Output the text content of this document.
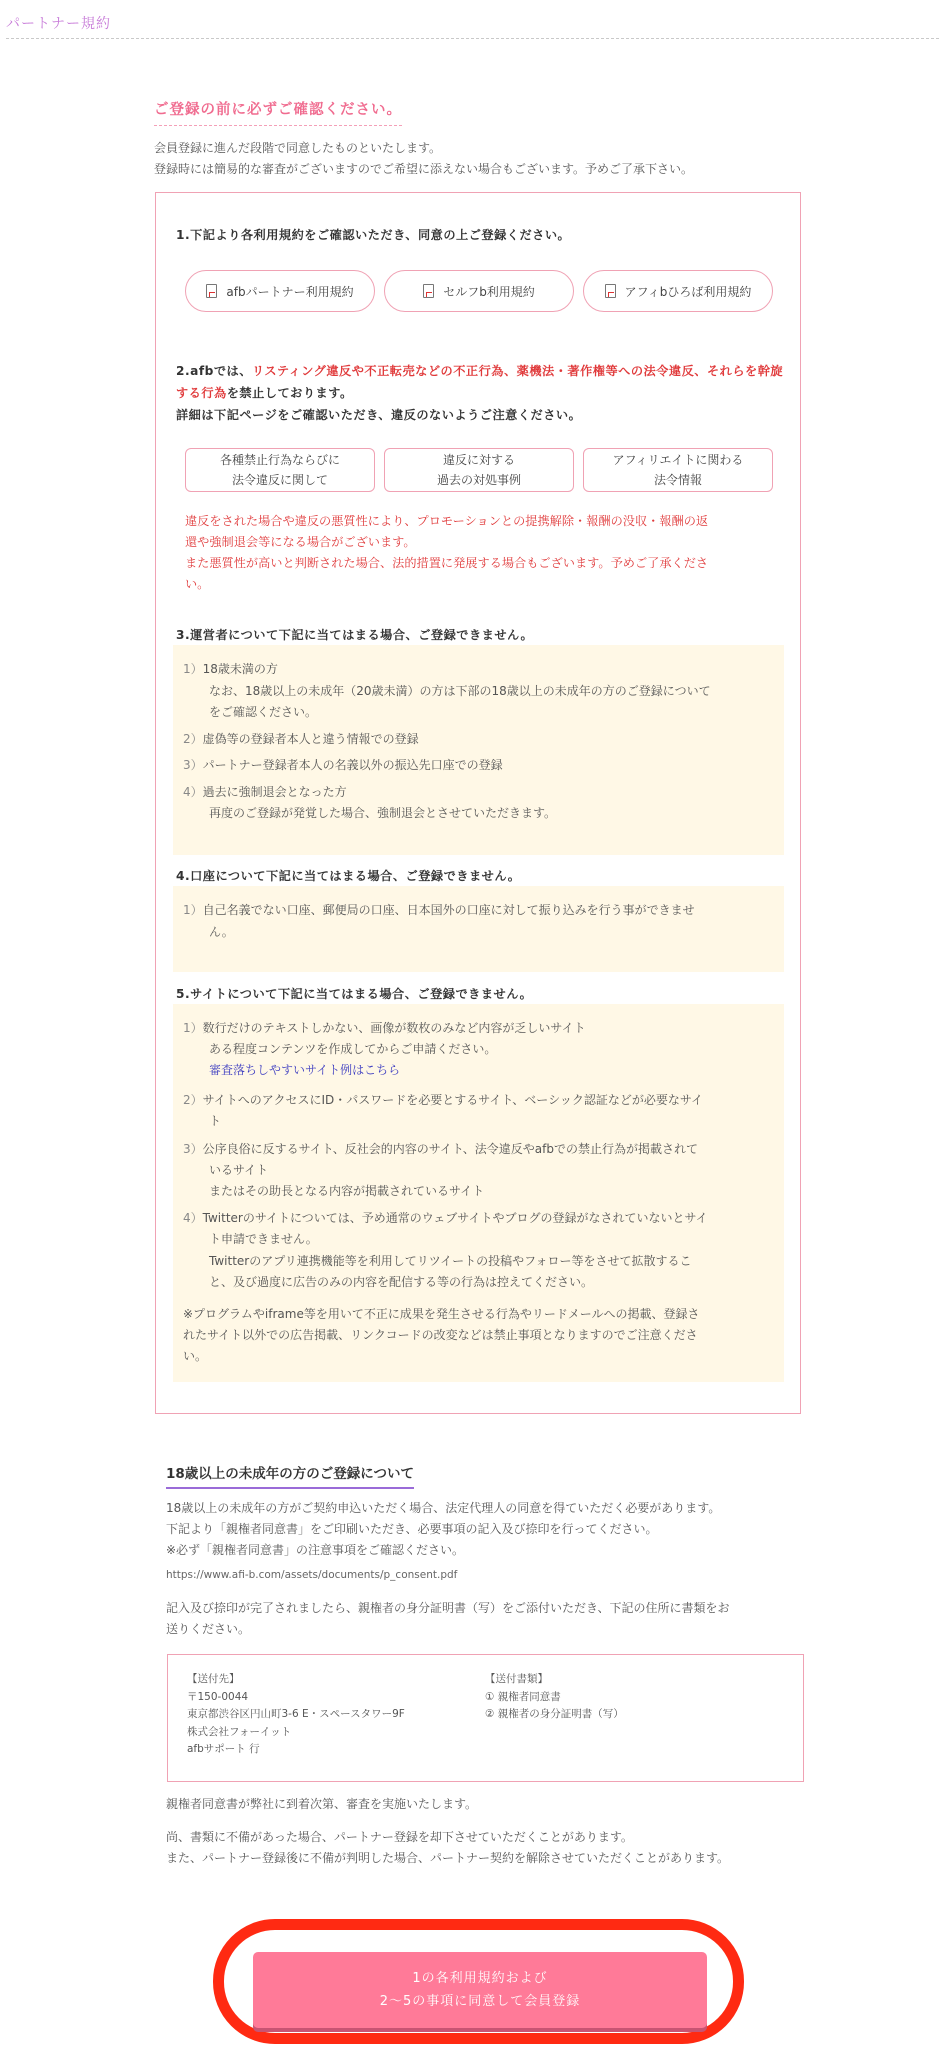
パートナー規約
ご登録の前に必ずご確認ください。
会員登録に進んだ段階で同意したものといたします。
登録時には簡易的な審査がございますのでご希望に添えない場合もございます。予めご了承下さい。
1.下記より各利用規約をご確認いただき、同意の上ご登録ください。
afbパートナー利用規約	セルフb利用規約	アフィbひろば利用規約
2.afbでは、リスティング違反や不正転売などの不正行為、薬機法・著作権等への法令違反、それらを幹旋する行為を禁止しております。
詳細は下記ページをご確認いただき、違反のないようご注意ください。
各種禁止行為ならびに
法令違反に関して
違反に対する
過去の対処事例
アフィリエイトに関わる
法令情報
違反をされた場合や違反の悪質性により、プロモーションとの提携解除・報酬の没収・報酬の返
還や強制退会等になる場合がございます。
また悪質性が高いと判断された場合、法的措置に発展する場合もございます。予めご了承くださ
い。
3.運営者について下記に当てはまる場合、ご登録できません。
1）18歳未満の方
なお、18歳以上の未成年（20歳未満）の方は下部の18歳以上の未成年の方のご登録について
をご確認ください。
2）虚偽等の登録者本人と違う情報での登録
3）パートナー登録者本人の名義以外の振込先口座での登録
4）過去に強制退会となった方
再度のご登録が発覚した場合、強制退会とさせていただきます。
4.口座について下記に当てはまる場合、ご登録できません。
1）自己名義でない口座、郵便局の口座、日本国外の口座に対して振り込みを行う事ができませ
ん。
5.サイトについて下記に当てはまる場合、ご登録できません。
1）数行だけのテキストしかない、画像が数枚のみなど内容が乏しいサイト
ある程度コンテンツを作成してからご申請ください。
審査落ちしやすいサイト例はこちら
2）サイトへのアクセスにID・パスワードを必要とするサイト、ベーシック認証などが必要なサイ
ト
3）公序良俗に反するサイト、反社会的内容のサイト、法令違反やafbでの禁止行為が掲載されて
いるサイト
またはその助長となる内容が掲載されているサイト
4）Twitterのサイトについては、予め通常のウェブサイトやブログの登録がなされていないとサイ
ト申請できません。
Twitterのアプリ連携機能等を利用してリツイートの投稿やフォロー等をさせて拡散するこ
と、及び過度に広告のみの内容を配信する等の行為は控えてください。
※プログラムやiframe等を用いて不正に成果を発生させる行為やリードメールへの掲載、登録さ
れたサイト以外での広告掲載、リンクコードの改変などは禁止事項となりますのでご注意くださ
い。
18歳以上の未成年の方のご登録について
18歳以上の未成年の方がご契約申込いただく場合、法定代理人の同意を得ていただく必要があります。
下記より「親権者同意書」をご印刷いただき、必要事項の記入及び捺印を行ってください。
※必ず「親権者同意書」の注意事項をご確認ください。
https://www.afi-b.com/assets/documents/p_consent.pdf
記入及び捺印が完了されましたら、親権者の身分証明書（写）をご添付いただき、下記の住所に書類をお
送りください。
【送付先】
〒150-0044
東京都渋谷区円山町3-6 E・スペースタワー9F
株式会社フォーイット
afbサポート 行
【送付書類】
① 親権者同意書
② 親権者の身分証明書（写）
親権者同意書が弊社に到着次第、審査を実施いたします。
尚、書類に不備があった場合、パートナー登録を却下させていただくことがあります。
また、パートナー登録後に不備が判明した場合、パートナー契約を解除させていただくことがあります。
1の各利用規約および
2～5の事項に同意して会員登録
